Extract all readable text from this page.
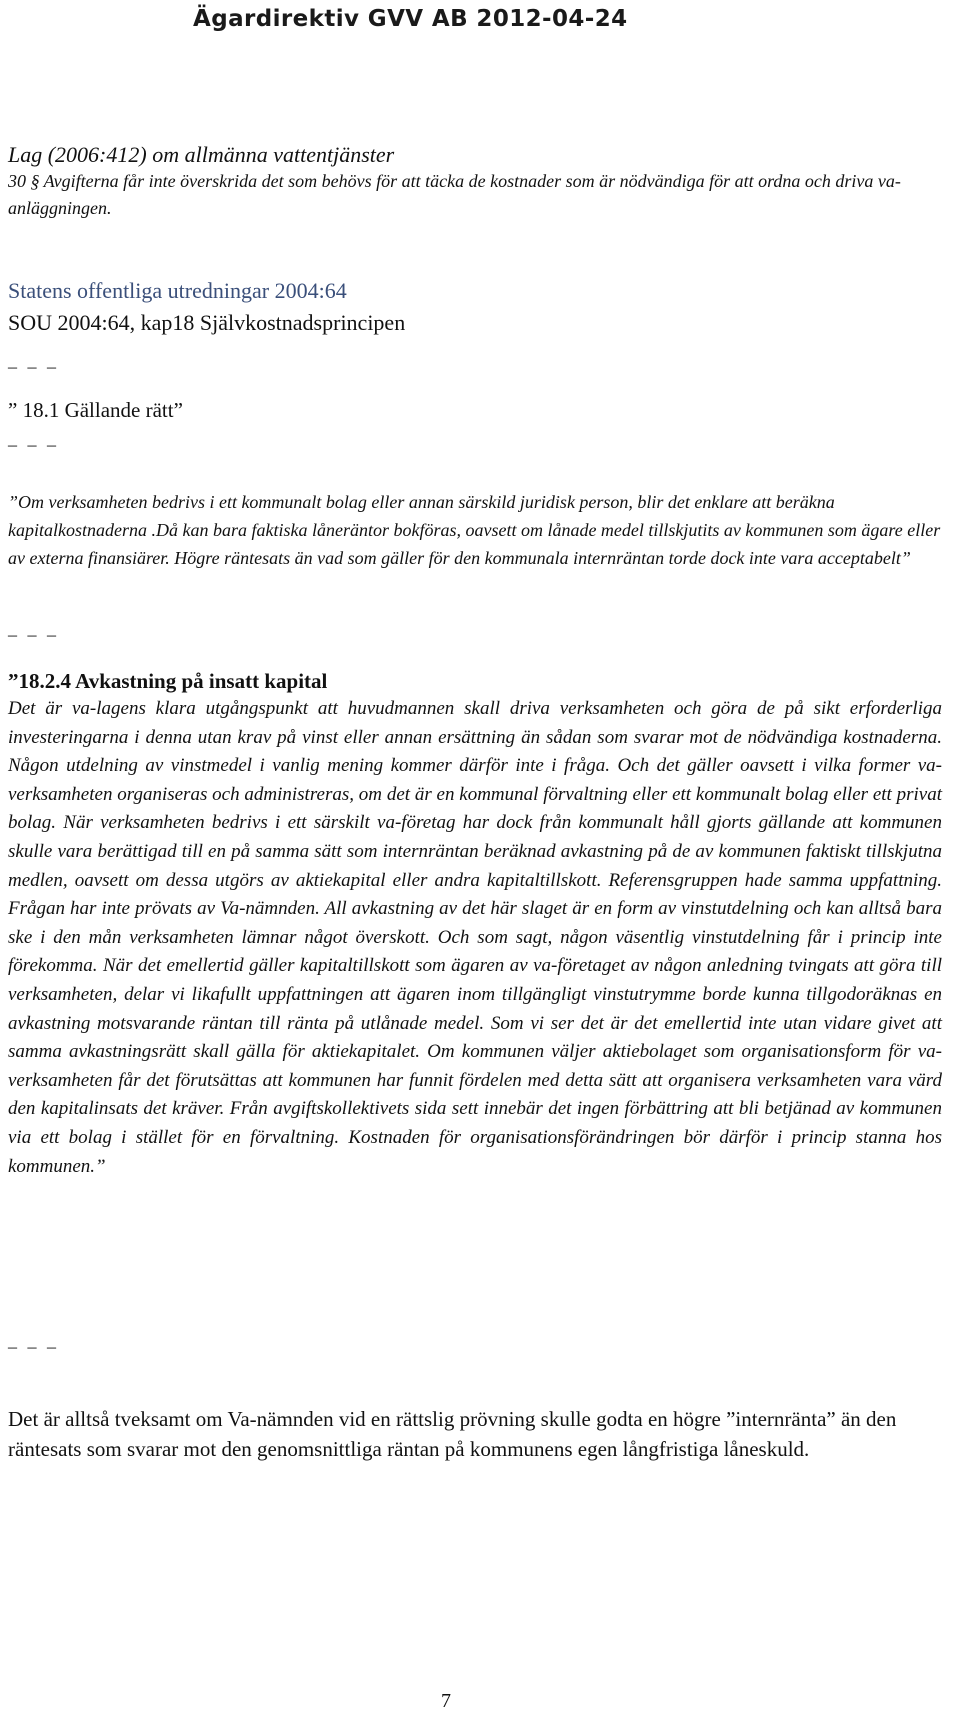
Ägardirektiv GVV AB 2012-04-24
Lag (2006:412) om allmänna vattentjänster
30 § Avgifterna får inte överskrida det som behövs för att täcka de kostnader som är nödvändiga för att ordna och driva va-anläggningen.
Statens offentliga utredningar 2004:64
SOU 2004:64, kap18 Självkostnadsprincipen
_ _ _
” 18.1 Gällande rätt”
_ _ _
”Om verksamheten bedrivs i ett kommunalt bolag eller annan särskild juridisk person, blir det enklare att beräkna kapitalkostnaderna .Då kan bara faktiska låneräntor bokföras, oavsett om lånade medel tillskjutits av kommunen som ägare eller av externa finansiärer. Högre räntesats än vad som gäller för den kommunala internräntan torde dock inte vara acceptabelt”
_ _ _
”18.2.4 Avkastning på insatt kapital
Det är va-lagens klara utgångspunkt att huvudmannen skall driva verksamheten och göra de på sikt erforderliga investeringarna i denna utan krav på vinst eller annan ersättning än sådan som svarar mot de nödvändiga kostnaderna. Någon utdelning av vinstmedel i vanlig mening kommer därför inte i fråga. Och det gäller oavsett i vilka former va-verksamheten organiseras och administreras, om det är en kommunal förvaltning eller ett kommunalt bolag eller ett privat bolag. När verksamheten bedrivs i ett särskilt va-företag har dock från kommunalt håll gjorts gällande att kommunen skulle vara berättigad till en på samma sätt som internräntan beräknad avkastning på de av kommunen faktiskt tillskjutna medlen, oavsett om dessa utgörs av aktiekapital eller andra kapitaltillskott. Referensgruppen hade samma uppfattning. Frågan har inte prövats av Va-nämnden. All avkastning av det här slaget är en form av vinstutdelning och kan alltså bara ske i den mån verksamheten lämnar något överskott. Och som sagt, någon väsentlig vinstutdelning får i princip inte förekomma. När det emellertid gäller kapitaltillskott som ägaren av va-företaget av någon anledning tvingats att göra till verksamheten, delar vi likafullt uppfattningen att ägaren inom tillgängligt vinstutrymme borde kunna tillgodoräknas en avkastning motsvarande räntan till ränta på utlånade medel. Som vi ser det är det emellertid inte utan vidare givet att samma avkastningsrätt skall gälla för aktiekapitalet. Om kommunen väljer aktiebolaget som organisationsform för va-verksamheten får det förutsättas att kommunen har funnit fördelen med detta sätt att organisera verksamheten vara värd den kapitalinsats det kräver. Från avgiftskollektivets sida sett innebär det ingen förbättring att bli betjänad av kommunen via ett bolag i stället för en förvaltning. Kostnaden för organisationsförändringen bör därför i princip stanna hos kommunen.”
_ _ _
Det är alltså tveksamt om Va-nämnden vid en rättslig prövning skulle godta en högre ”internränta” än den räntesats som svarar mot den genomsnittliga räntan på kommunens egen långfristiga låneskuld.
7
